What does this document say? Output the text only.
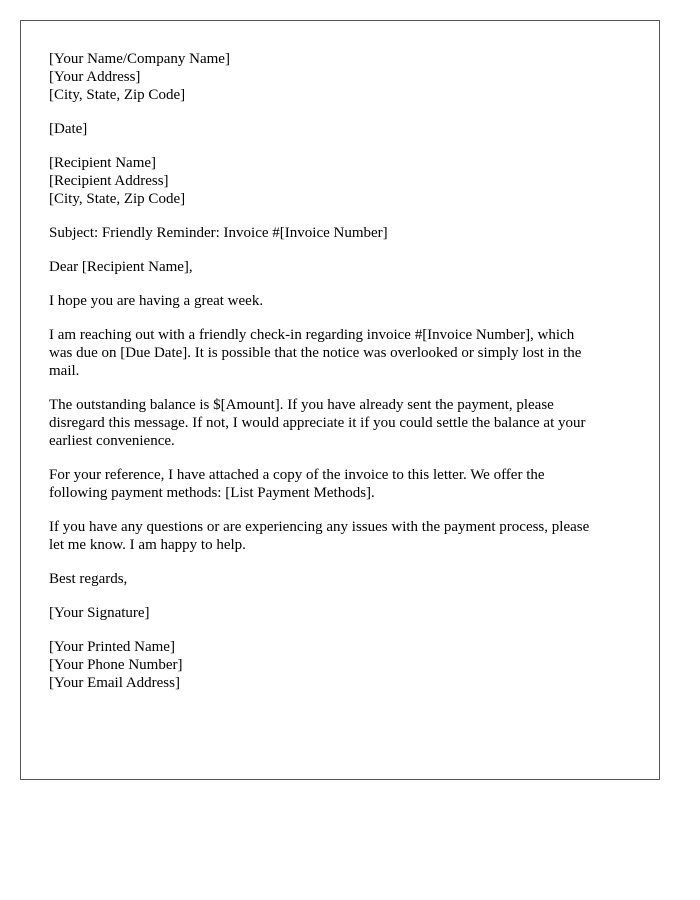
[Your Name/Company Name]
[Your Address]
[City, State, Zip Code]
[Date]
[Recipient Name]
[Recipient Address]
[City, State, Zip Code]
Subject: Friendly Reminder: Invoice #[Invoice Number]
Dear [Recipient Name],
I hope you are having a great week.
I am reaching out with a friendly check-in regarding invoice #[Invoice Number], which
was due on [Due Date]. It is possible that the notice was overlooked or simply lost in the
mail.
The outstanding balance is $[Amount]. If you have already sent the payment, please
disregard this message. If not, I would appreciate it if you could settle the balance at your
earliest convenience.
For your reference, I have attached a copy of the invoice to this letter. We offer the
following payment methods: [List Payment Methods].
If you have any questions or are experiencing any issues with the payment process, please
let me know. I am happy to help.
Best regards,
[Your Signature]
[Your Printed Name]
[Your Phone Number]
[Your Email Address]
